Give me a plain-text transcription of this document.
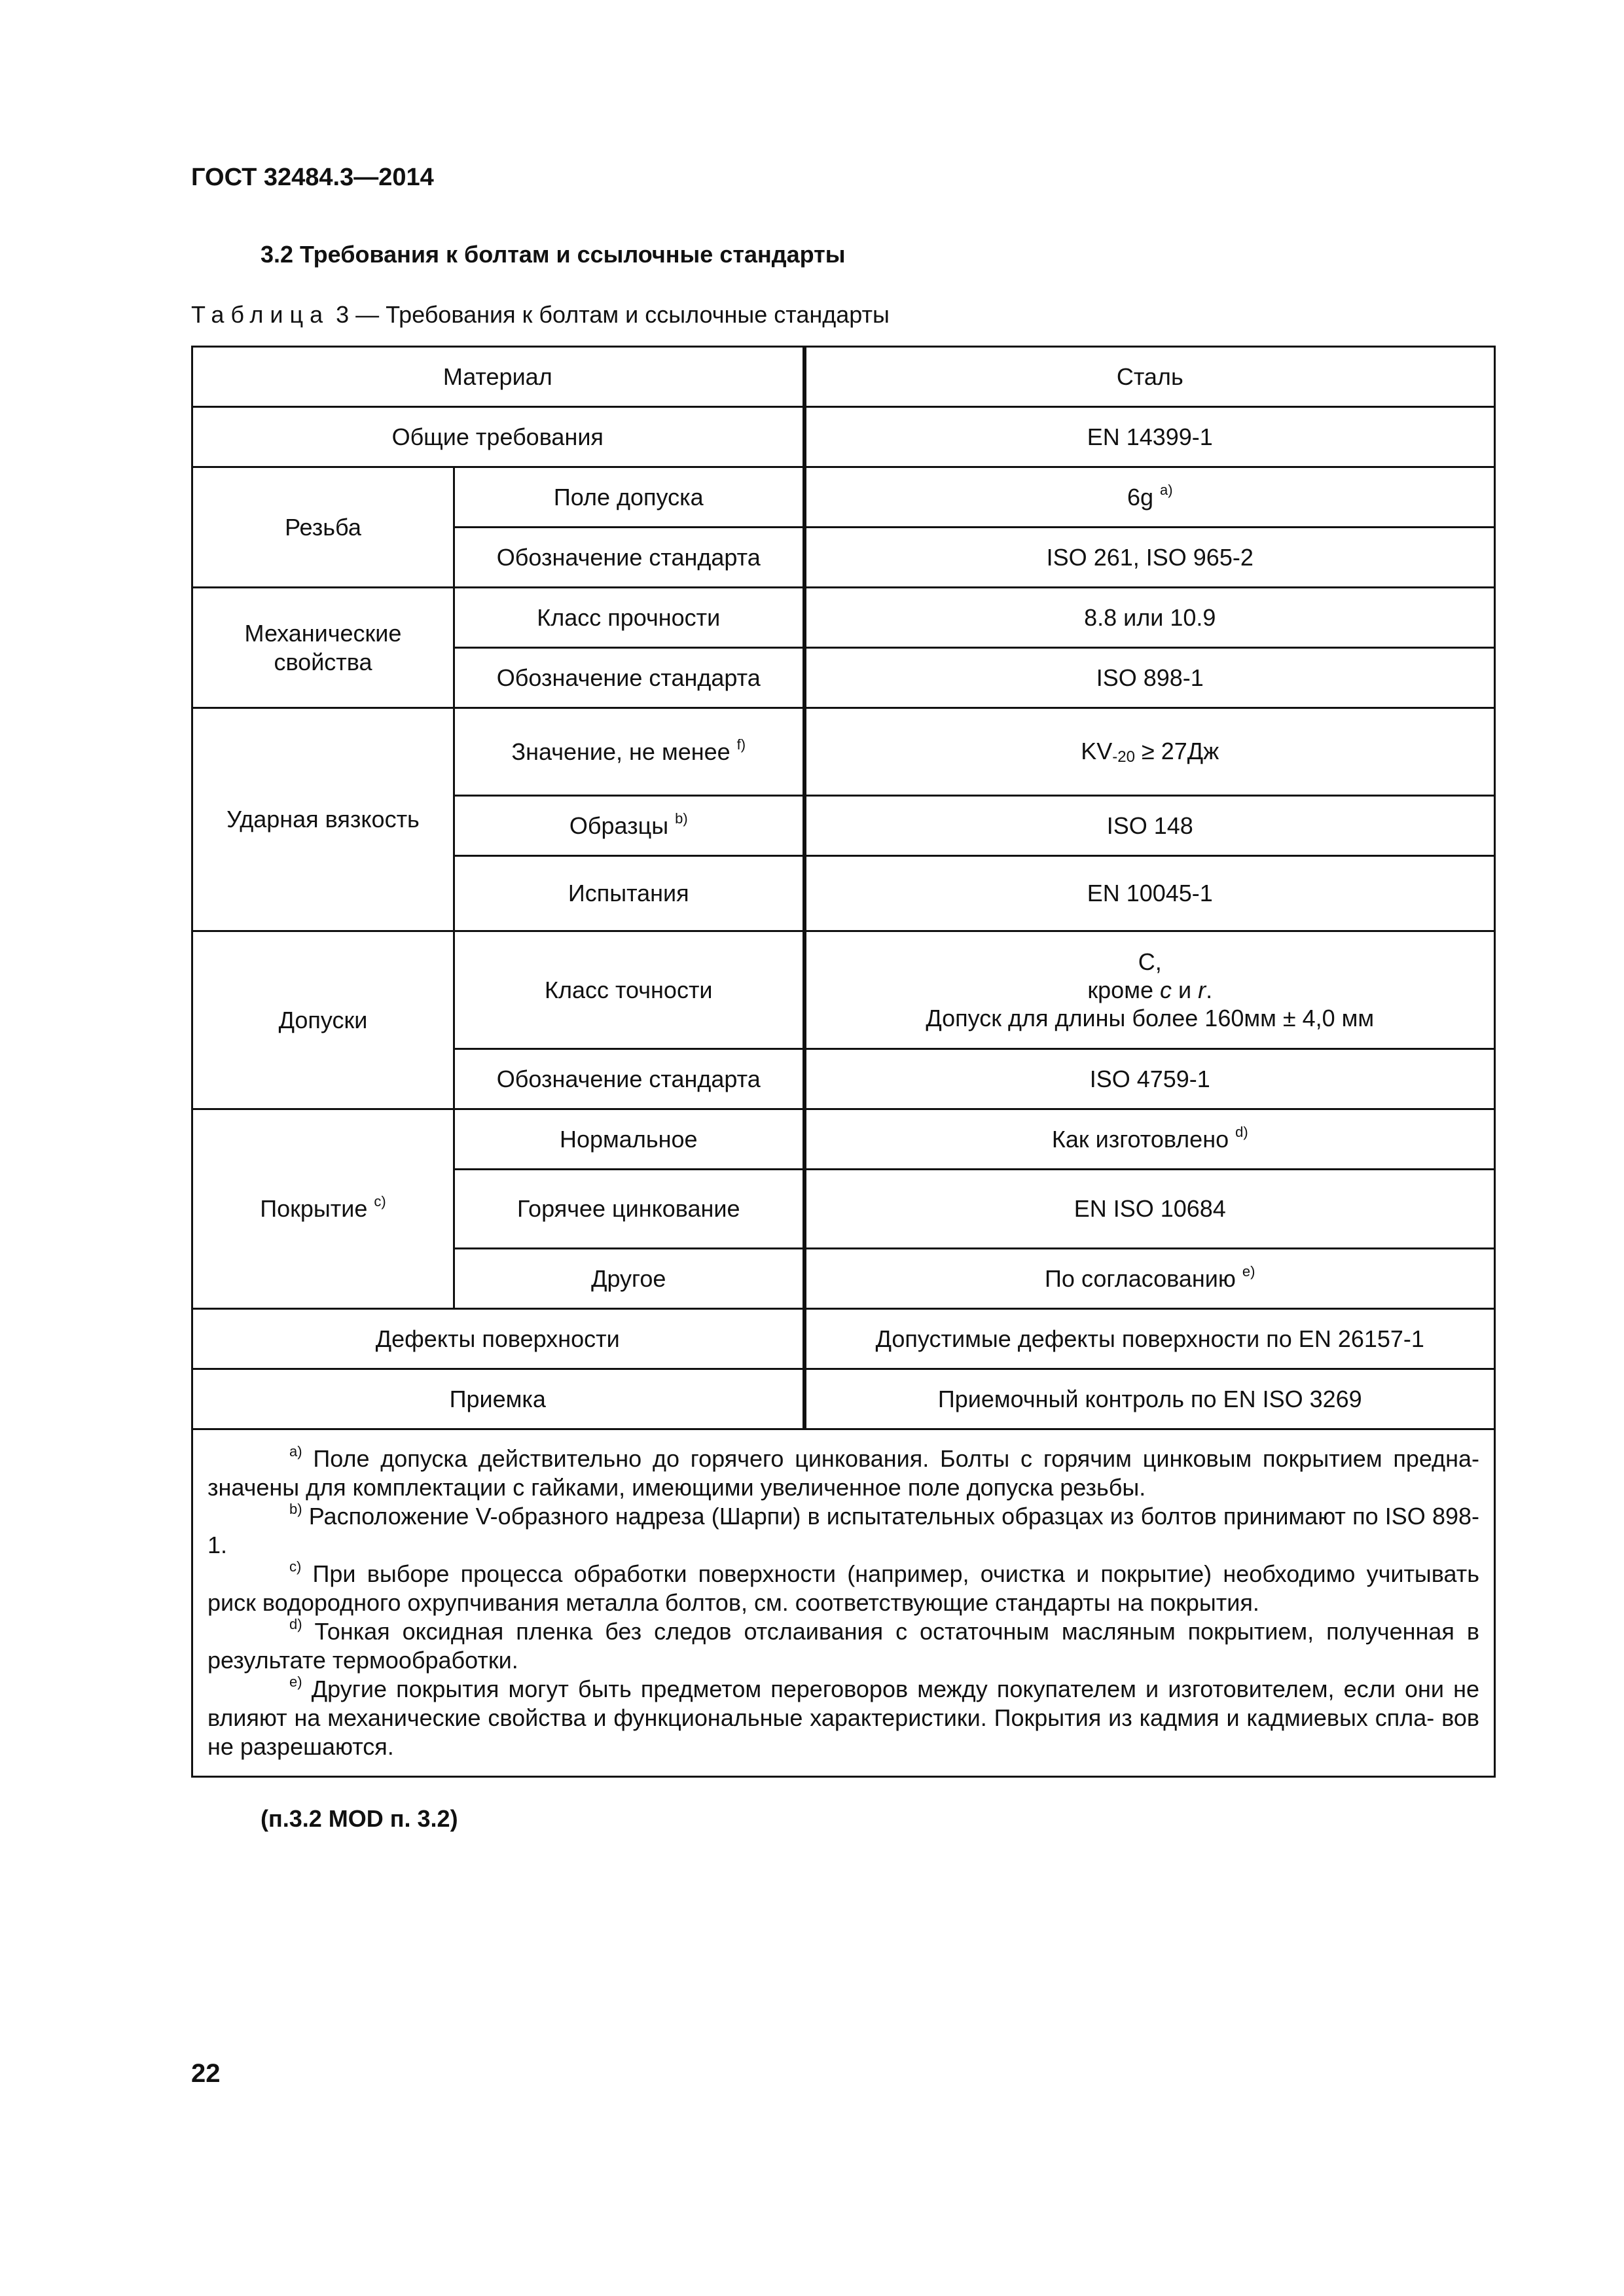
ГОСТ 32484.3—2014
3.2 Требования к болтам и ссылочные стандарты
Таблица 3 — Требования к болтам и ссылочные стандарты
Материал		Сталь
Общие требования		EN 14399-1
Резьба	Поле допуска	6g $^{a)}$
	Обозначение стандарта	ISO 261, ISO 965-2
Механические свойства	Класс прочности	8.8 или 10.9
	Обозначение стандарта	ISO 898-1
Ударная вязкость	Значение, не менее $^{f)}$	KV-20 ≥ 27Дж
	Образцы $^{b)}$	ISO 148
	Испытания	EN 10045-1
Допуски	Класс точности	С,
кроме с и r.
Допуск для длины более 160мм ± 4,0 мм

	Обозначение стандарта	ISO 4759-1
Покрытие $^{c)}$	Нормальное	Как изготовлено $^{d)}$
	Горячее цинкование	EN ISO 10684
	Другое	По согласованию $^{e)}$
Дефекты поверхности		Допустимые дефекты поверхности по EN 26157-1
Приемка		Приемочный контроль по EN ISO 3269

$^{a)}$ Поле допуска действительно до горячего цинкования. Болты с горячим цинковым покрытием предна- значены для комплектации с гайками, имеющими увеличенное поле допуска резьбы.

$^{b)}$ Расположение V-образного надреза (Шарпи) в испытательных образцах из болтов принимают по ISO 898-1.

$^{c)}$ При выборе процесса обработки поверхности (например, очистка и покрытие) необходимо учитывать риск водородного охрупчивания металла болтов, см. соответствующие стандарты на покрытия.

$^{d)}$ Тонкая оксидная пленка без следов отслаивания с остаточным масляным покрытием, полученная в результате термообработки.

$^{e)}$ Другие покрытия могут быть предметом переговоров между покупателем и изготовителем, если они не влияют на механические свойства и функциональные характеристики. Покрытия из кадмия и кадмиевых спла- вов не разрешаются.		

(п.3.2 MOD п. 3.2)
22
